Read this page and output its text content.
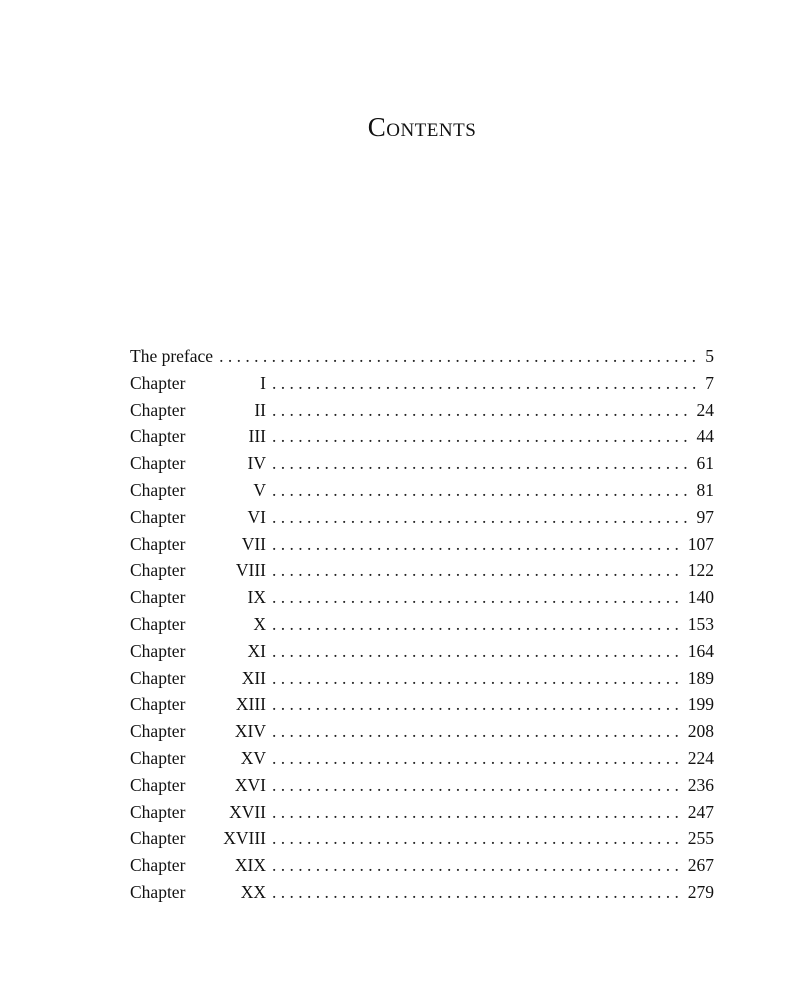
Contents
The preface . . .	5
Chapter	I . . .	7
Chapter	II . . .	24
Chapter	III . . .	44
Chapter	IV . . .	61
Chapter	V . . .	81
Chapter	VI . . .	97
Chapter	VII . . .	107
Chapter	VIII . . .	122
Chapter	IX . . .	140
Chapter	X . . .	153
Chapter	XI . . .	164
Chapter	XII . . .	189
Chapter	XIII . . .	199
Chapter	XIV . . .	208
Chapter	XV . . .	224
Chapter	XVI . . .	236
Chapter	XVII . . .	247
Chapter	XVIII . . .	255
Chapter	XIX . . .	267
Chapter	XX . . .	279
